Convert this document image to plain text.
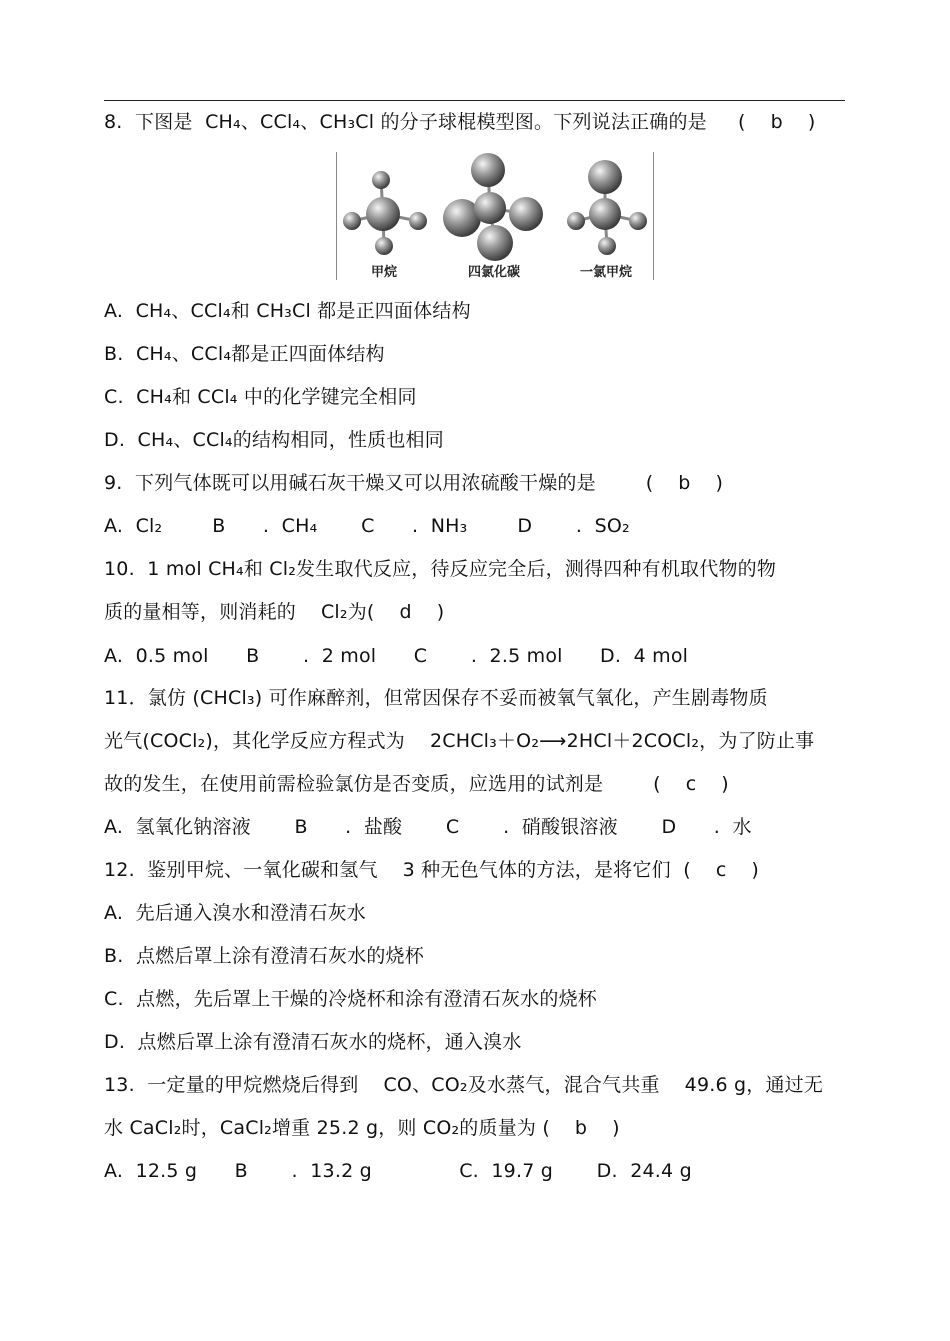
8.  下图是  CH₄、CCl₄、CH₃Cl 的分子球棍模型图。下列说法正确的是     (    b    )
甲烷	四氯化碳	一氯甲烷
A.  CH₄、CCl₄和 CH₃Cl 都是正四面体结构
B.  CH₄、CCl₄都是正四面体结构
C.  CH₄和 CCl₄ 中的化学键完全相同
D.  CH₄、CCl₄的结构相同，性质也相同
9.  下列气体既可以用碱石灰干燥又可以用浓硫酸干燥的是        (    b    )
A.  Cl₂        B      .  CH₄       C      .  NH₃        D       .  SO₂
10.  1 mol CH₄和 Cl₂发生取代反应，待反应完全后，测得四种有机取代物的物
质的量相等，则消耗的    Cl₂为(    d    )
A.  0.5 mol      B       .  2 mol      C       .  2.5 mol      D.  4 mol
11．氯仿 (CHCl₃) 可作麻醉剂，但常因保存不妥而被氧气氧化，产生剧毒物质
光气(COCl₂)，其化学反应方程式为    2CHCl₃＋O₂⟶2HCl＋2COCl₂，为了防止事
故的发生，在使用前需检验氯仿是否变质，应选用的试剂是        (    c    )
A.  氢氧化钠溶液       B      .  盐酸       C       .  硝酸银溶液       D      .  水
12.  鉴别甲烷、一氧化碳和氢气    3 种无色气体的方法，是将它们  (    c    )
A.  先后通入溴水和澄清石灰水
B.  点燃后罩上涂有澄清石灰水的烧杯
C.  点燃，先后罩上干燥的冷烧杯和涂有澄清石灰水的烧杯
D.  点燃后罩上涂有澄清石灰水的烧杯，通入溴水
13.  一定量的甲烷燃烧后得到    CO、CO₂及水蒸气，混合气共重    49.6 g，通过无
水 CaCl₂时，CaCl₂增重 25.2 g，则 CO₂的质量为 (    b    )
A.  12.5 g      B       .  13.2 g              C.  19.7 g       D.  24.4 g
